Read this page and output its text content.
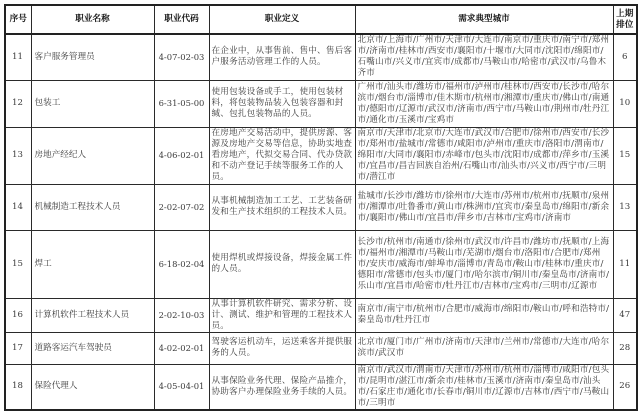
序号	职业名称	职业代码	职业定义	需求典型城市	上期
排位
11	客户服务管理员	4-07-02-03	在企业中，从事售前、售中、售后客户服务活动管理工作的人员。	北京市/上海市/广州市/天津市/大连市/南京市/重庆市/南宁市/郑州市/济南市/桂林市/西安市/襄阳市/十堰市/大同市/沈阳市/绵阳市/石嘴山市/兴义市/宜宾市/成都市/马鞍山市/哈密市/武汉市/乌鲁木齐市	6
12	包装工	6-31-05-00	使用包装设备或手工，使用包装材料，将包装物品装入包装容器和封缄、包扎包装物品的人员。	广州市/汕头市/潍坊市/福州市/泸州市/桂林市/西安市/长沙市/哈尔滨市/烟台市/淄博市/佳木斯市/杭州市/湘潭市/重庆市/佛山市/南通市/德阳市/辽源市/武汉市/济南市/西宁市/马鞍山市/荆州市/牡丹江市/通化市/玉溪市/宝鸡市	10
13	房地产经纪人	4-06-02-01	在房地产交易活动中，提供房源、客源及房地产交易等信息，协助实地查看房地产，代拟交易合同、代办贷款和不动产登记手续等服务工作的人员。	南京市/天津市/北京市/大连市/武汉市/合肥市/徐州市/西安市/长沙市/郑州市/盐城市/常德市/咸阳市/泸州市/重庆市/洛阳市/渭南市/绵阳市/大同市/襄阳市/赤峰市/包头市/沈阳市/成都市/萍乡市/玉溪市/宜昌市/昌吉回族自治州/石嘴山市/汕头市/兴义市/西宁市/三明市/潜江市	15
14	机械制造工程技术人员	2-02-07-02	从事机械制造加工工艺、工艺装备研发和生产技术组织的工程技术人员。	盐城市/长沙市/潍坊市/徐州市/大连市/苏州市/杭州市/抚顺市/泉州市/湘潭市/吐鲁番市/黄山市/株洲市/宜宾市/秦皇岛市/绵阳市/新余市/襄阳市/佛山市/宜昌市/萍乡市/吉林市/宝鸡市/济南市	13
15	焊工	6-18-02-04	使用焊机或焊接设备，焊接金属工件的人员。	长沙市/杭州市/南通市/徐州市/武汉市/许昌市/潍坊市/抚顺市/上海市/福州市/湘潭市/马鞍山市/芜湖市/烟台市/洛阳市/合肥市/郑州市/安庆市/威海市/蚌埠市/淄博市/青岛市/鞍山市/桂林市/重庆市/德阳市/常德市/包头市/厦门市/哈尔滨市/铜川市/秦皇岛市/济南市/乐山市/宜昌市/哈密市/牡丹江市/吉林市/宝鸡市/三明市/辽源市	11
16	计算机软件工程技术人员	2-02-10-03	从事计算机软件研究、需求分析、设计、测试、维护和管理的工程技术人员。	南京市/南宁市/杭州市/合肥市/威海市/绵阳市/鞍山市/呼和浩特市/秦皇岛市/牡丹江市	47
17	道路客运汽车驾驶员	4-02-02-01	驾驶客运机动车，运送乘客并提供服务的人员。	北京市/厦门市/广州市/济南市/天津市/兰州市/常德市/大连市/哈尔滨市/武汉市	28
18	保险代理人	4-05-04-01	从事保险业务代理、保险产品推介，协助客户办理保险业务手续的人员。	南京市/武汉市/渭南市/天津市/苏州市/杭州市/淄博市/咸阳市/包头市/昆明市/湛江市/新余市/桂林市/玉溪市/济南市/秦皇岛市/汕头市/石家庄市/通化市/长春市/铜川市/辽源市/吉林市/西宁市/马鞍山市/三明市	26
